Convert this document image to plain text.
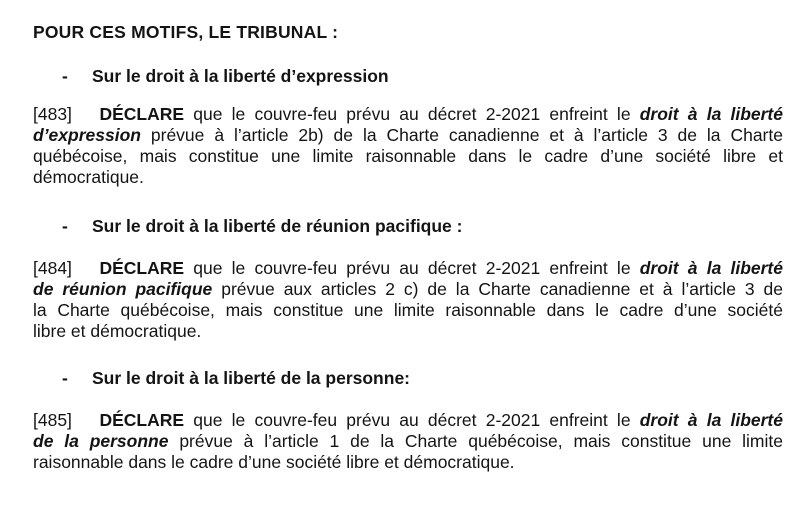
POUR CES MOTIFS, LE TRIBUNAL :
- Sur le droit à la liberté d’expression
[483] DÉCLARE que le couvre-feu prévu au décret 2-2021 enfreint le droit à la liberté
d’expression prévue à l’article 2b) de la Charte canadienne et à l’article 3 de la Charte
québécoise, mais constitue une limite raisonnable dans le cadre d’une société libre et
démocratique.
- Sur le droit à la liberté de réunion pacifique :
[484] DÉCLARE que le couvre-feu prévu au décret 2-2021 enfreint le droit à la liberté
de réunion pacifique prévue aux articles 2 c) de la Charte canadienne et à l’article 3 de
la Charte québécoise, mais constitue une limite raisonnable dans le cadre d’une société
libre et démocratique.
- Sur le droit à la liberté de la personne:
[485] DÉCLARE que le couvre-feu prévu au décret 2-2021 enfreint le droit à la liberté
de la personne prévue à l’article 1 de la Charte québécoise, mais constitue une limite
raisonnable dans le cadre d’une société libre et démocratique.
